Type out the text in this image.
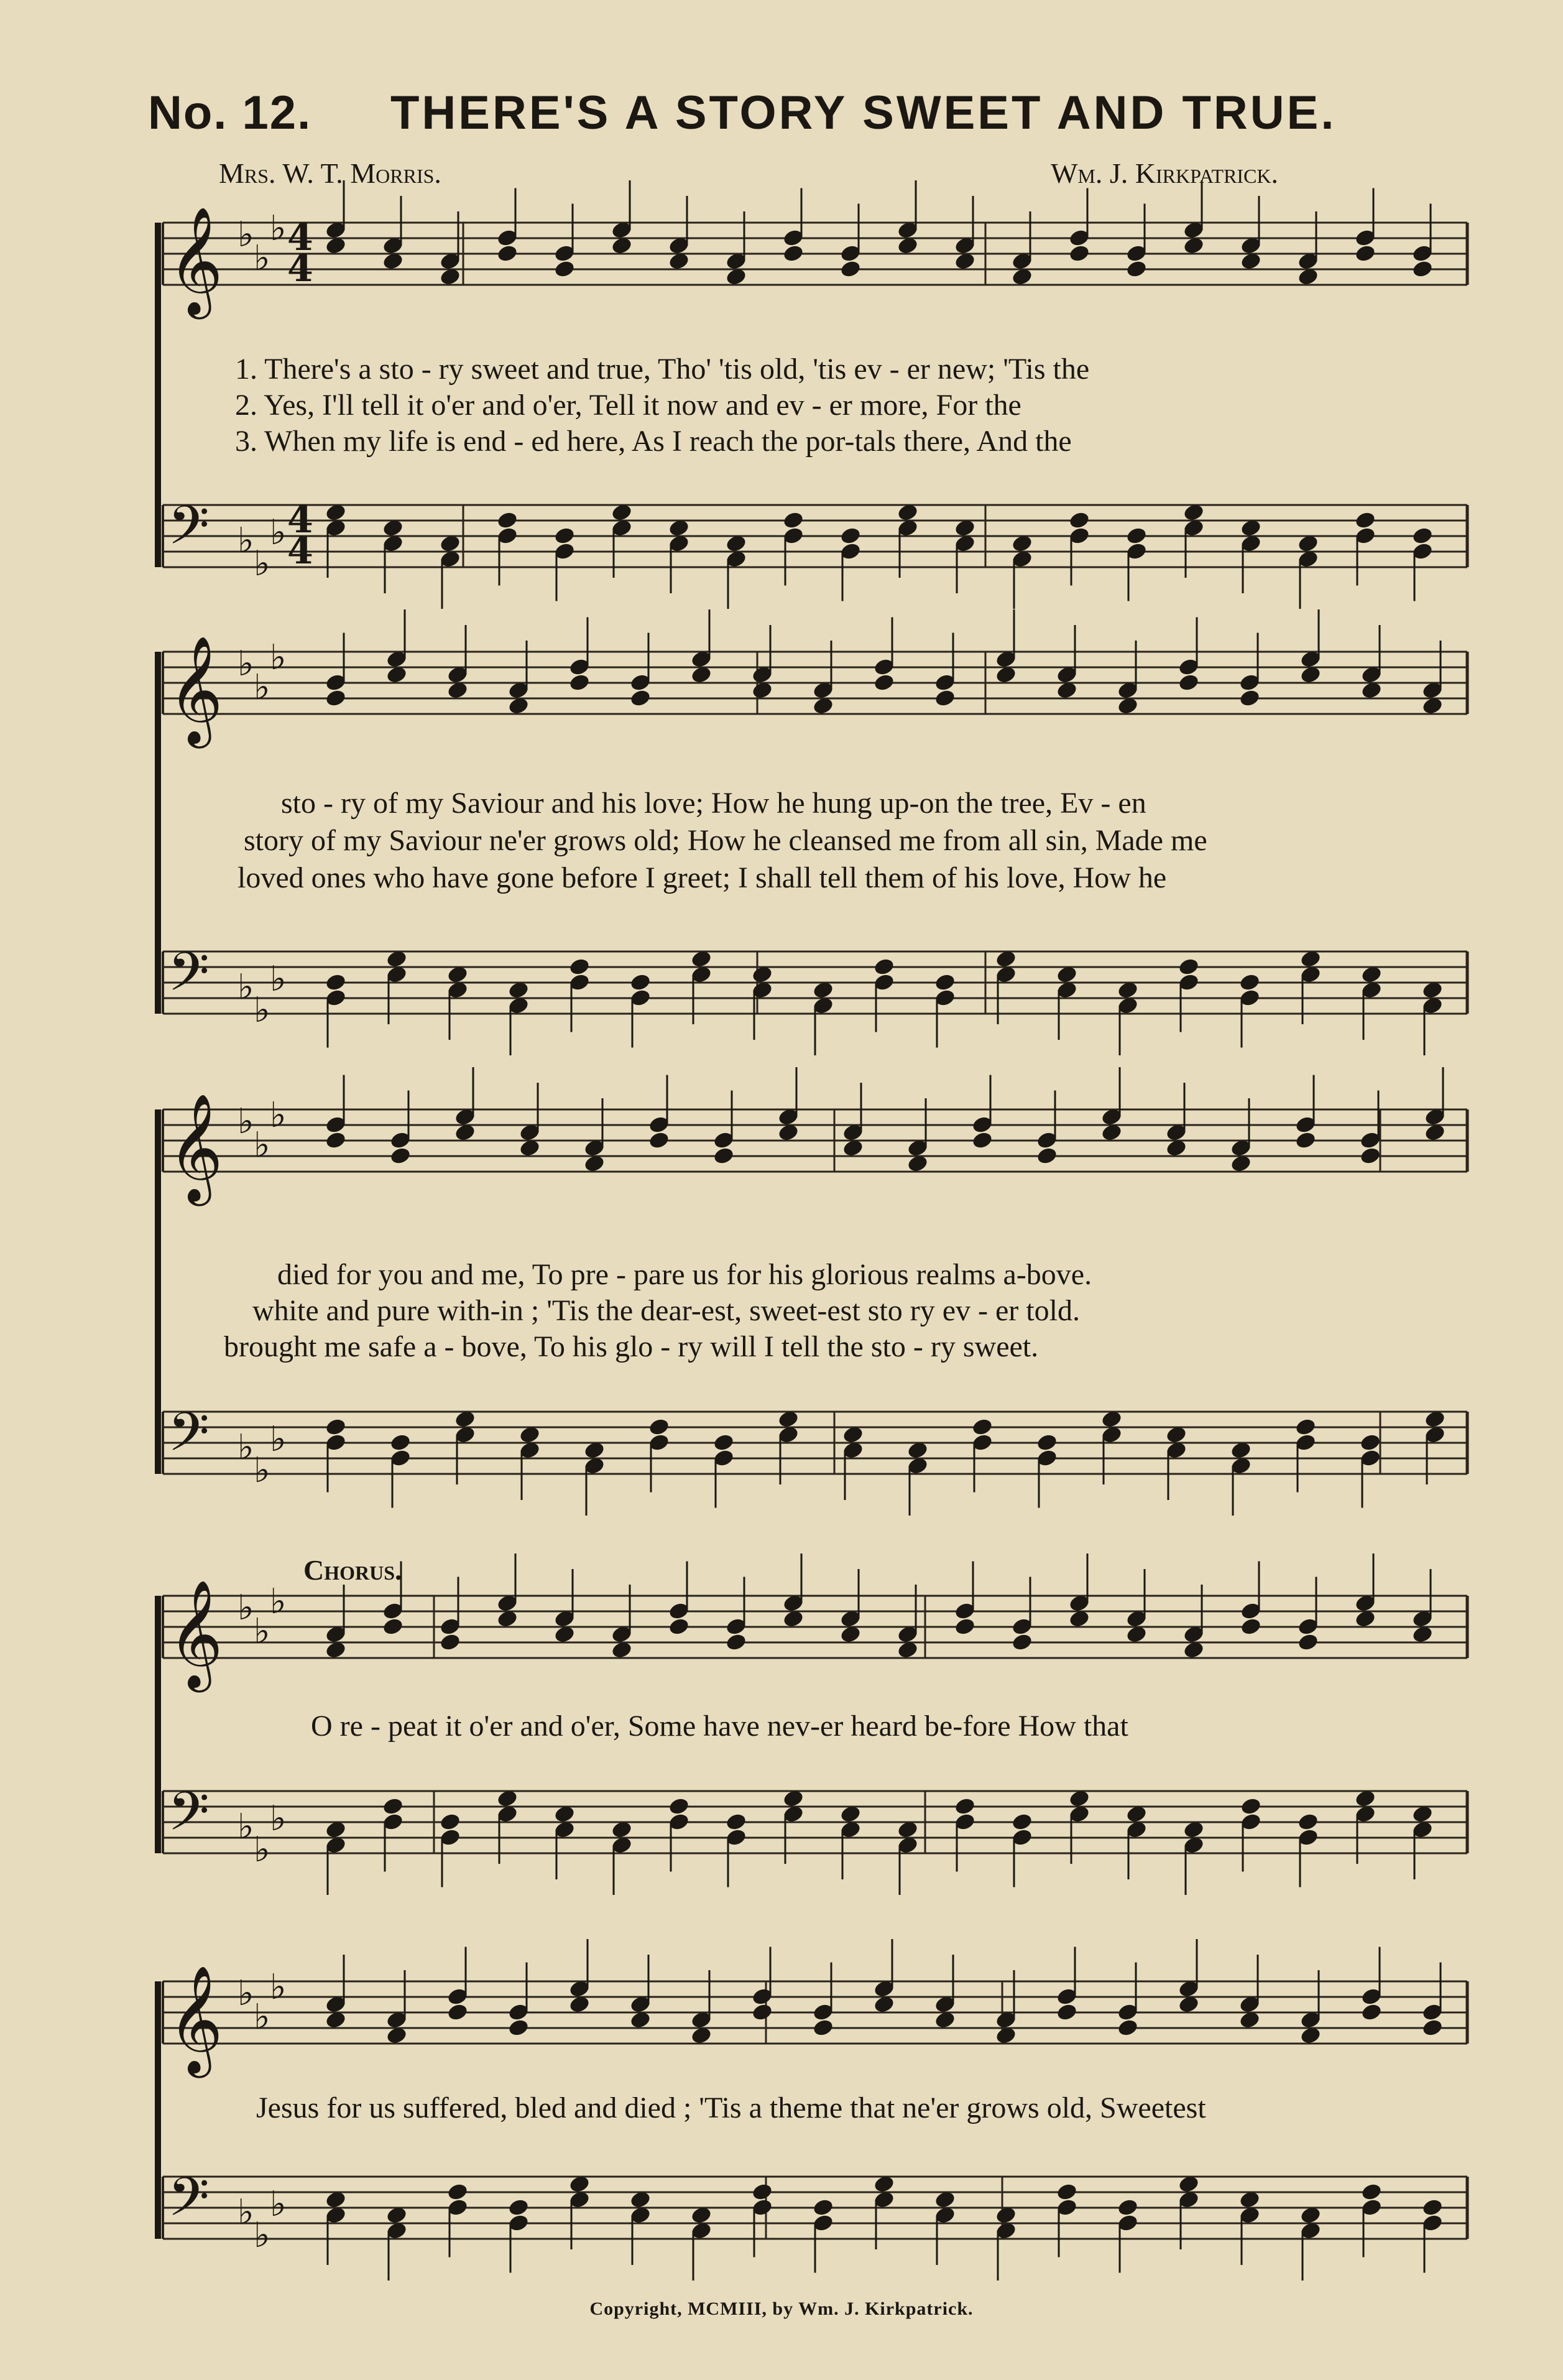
No. 12. THERE'S A STORY SWEET AND TRUE.
Mrs. W. T. Morris.	Wm. J. Kirkpatrick.
𝄞 ♭
♭
♭ 4
4
𝄢 ♭
♭
♭ 4
4
𝄞 ♭
♭
♭
𝄢 ♭
♭
♭
𝄞 ♭
♭
♭
𝄢 ♭
♭
♭
𝄞 ♭
♭
♭
𝄢 ♭
♭
♭
𝄞 ♭
♭
♭
𝄢 ♭
♭
♭
1. There's a sto - ry sweet and true, Tho' 'tis old, 'tis ev - er new; 'Tis the
2. Yes, I'll tell it o'er and o'er, Tell it now and ev - er more, For the
3. When my life is end - ed here, As I reach the por-tals there, And the
sto - ry of my Saviour and his love; How he hung up-on the tree, Ev - en
story of my Saviour ne'er grows old; How he cleansed me from all sin, Made me
loved ones who have gone before I greet; I shall tell them of his love, How he
died for you and me, To pre - pare us for his glorious realms a-bove.
white and pure with-in ; 'Tis the dear-est, sweet-est sto ry ev - er told.
brought me safe a - bove, To his glo - ry will I tell the sto - ry sweet.
Chorus.
O re - peat it o'er and o'er, Some have nev-er heard be-fore How that
Jesus for us suffered, bled and died ; 'Tis a theme that ne'er grows old, Sweetest
Copyright, MCMIII, by Wm. J. Kirkpatrick.
